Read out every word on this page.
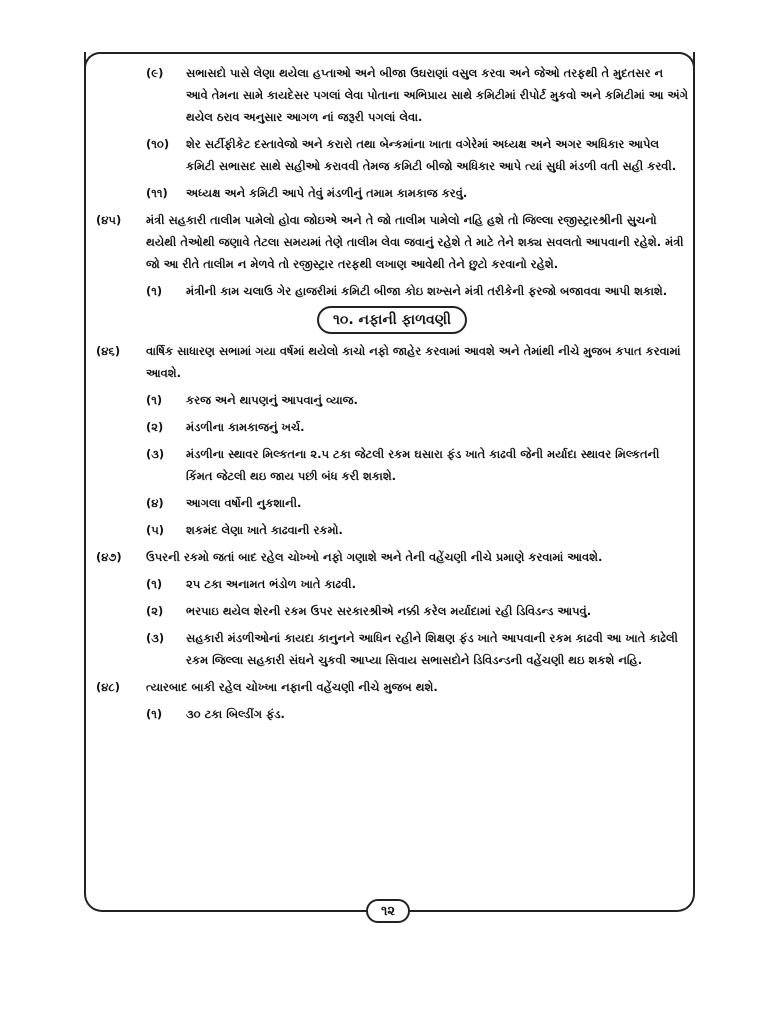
(૯)	સભાસદો પાસે લેણા થયેલા હપ્તાઓ અને બીજા ઉઘરાણાં વસુલ કરવા અને જેઓ તરફથી તે મુદતસર ન આવે તેમના સામે કાયદેસર પગલાં લેવા પોતાના અભિપ્રાય સાથે કમિટીમાં રીપોર્ટ મુકવો અને કમિટીમાં આ અંગે થયેલ ઠરાવ અનુસાર આગળ નાં જરૂરી પગલાં લેવા.
(૧૦)	શેર સર્ટીફીકેટ દસ્તાવેજો અને કરારો તથા બેન્કમાંના ખાતા વગેરેમાં અધ્યક્ષ અને અગર અધિકાર આપેલ કમિટી સભાસદ સાથે સહીઓ કરાવવી તેમજ કમિટી બીજો અધિકાર આપે ત્યાં સુધી મંડળી વતી સહી કરવી.
(૧૧)	અધ્યક્ષ અને કમિટી આપે તેવું મંડળીનું તમામ કામકાજ કરવું.
(૪૫)	મંત્રી સહકારી તાલીમ પામેલો હોવા જોઇએ અને તે જો તાલીમ પામેલો નહિ હશે તો જિલ્લા રજીસ્ટ્રારશ્રીની સુચનો થયેથી તેઓથી જણાવે તેટલા સમયમાં તેણે તાલીમ લેવા જવાનું રહેશે તે માટે તેને શક્ય સવલતો આપવાની રહેશે. મંત્રી જો આ રીતે તાલીમ ન મેળવે તો રજીસ્ટ્રાર તરફથી લખાણ આવેથી તેને છુટો કરવાનો રહેશે.
(૧)	મંત્રીની કામ ચલાઉ ગેર હાજરીમાં કમિટી બીજા કોઇ શખ્સને મંત્રી તરીકેની ફરજો બજાવવા આપી શકાશે.
૧૦. નફાની ફાળવણી
(૪૬)	વાર્ષિક સાધારણ સભામાં ગયા વર્ષમાં થયેલો કાચો નફો જાહેર કરવામાં આવશે અને તેમાંથી નીચે મુજબ કપાત કરવામાં આવશે.
(૧)	કરજ અને થાપણનું આપવાનું વ્યાજ.
(૨)	મંડળીના કામકાજનું ખર્ચ.
(૩)	મંડળીના સ્થાવર મિલ્કતના ૨.૫ ટકા જેટલી રકમ ઘસારા ફંડ ખાતે કાઢવી જેની મર્યાદા સ્થાવર મિલ્કતની કિંમત જેટલી થઇ જાય પછી બંધ કરી શકાશે.
(૪)	આગલા વર્ષોની નુકશાની.
(૫)	શકમંદ લેણા ખાતે કાઢવાની રકમો.
(૪૭)	ઉપરની રકમો જતાં બાદ રહેલ ચોખ્ખો નફો ગણાશે અને તેની વહેંચણી નીચે પ્રમાણે કરવામાં આવશે.
(૧)	૨૫ ટકા અનામત ભંડોળ ખાતે કાઢવી.
(૨)	ભરપાઇ થયેલ શેરની રકમ ઉપર સરકારશ્રીએ નક્કી કરેલ મર્યાદામાં રહી ડિવિડન્ડ આપવું.
(૩)	સહકારી મંડળીઓનાં કાયદા કાનુનને આધિન રહીને શિક્ષણ ફંડ ખાતે આપવાની રકમ કાઢવી આ ખાતે કાઢેલી રકમ જિલ્લા સહકારી સંઘને ચુકવી આપ્યા સિવાય સભાસદોને ડિવિડન્ડની વહેંચણી થઇ શકશે નહિ.
(૪૮)	ત્યારબાદ બાકી રહેલ ચોખ્ખા નફાની વહેંચણી નીચે મુજબ થશે.
(૧)	૩૦ ટકા બિલ્ડીંગ ફંડ.
૧૨
